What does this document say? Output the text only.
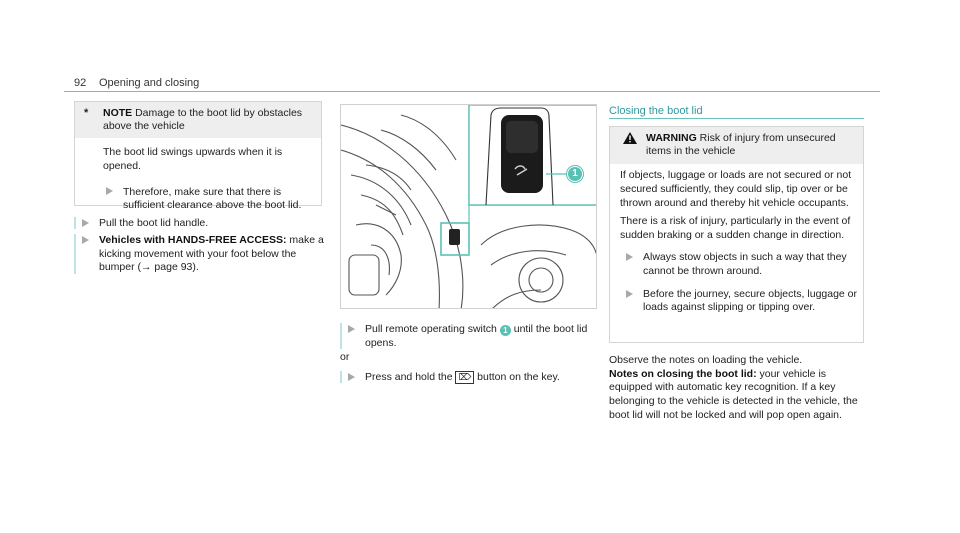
92 Opening and closing
* NOTE Damage to the boot lid by obstacles above the vehicle

The boot lid swings upwards when it is opened.

Therefore, make sure that there is sufficient clearance above the boot lid.
Pull the boot lid handle.
Vehicles with HANDS-FREE ACCESS: make a kicking movement with your foot below the bumper (→ page 93).
1
Pull remote operating switch 1 until the boot lid opens.
or
Press and hold the ⌦ button on the key.
Closing the boot lid
WARNING Risk of injury from unsecured items in the vehicle

If objects, luggage or loads are not secured or not secured sufficiently, they could slip, tip over or be thrown around and thereby hit vehicle occupants.

There is a risk of injury, particularly in the event of sudden braking or a sudden change in direction.

Always stow objects in such a way that they cannot be thrown around.
Before the journey, secure objects, luggage or loads against slipping or tipping over.
Observe the notes on loading the vehicle.
Notes on closing the boot lid: your vehicle is equipped with automatic key recognition. If a key belonging to the vehicle is detected in the vehicle, the boot lid will not be locked and will pop open again.
